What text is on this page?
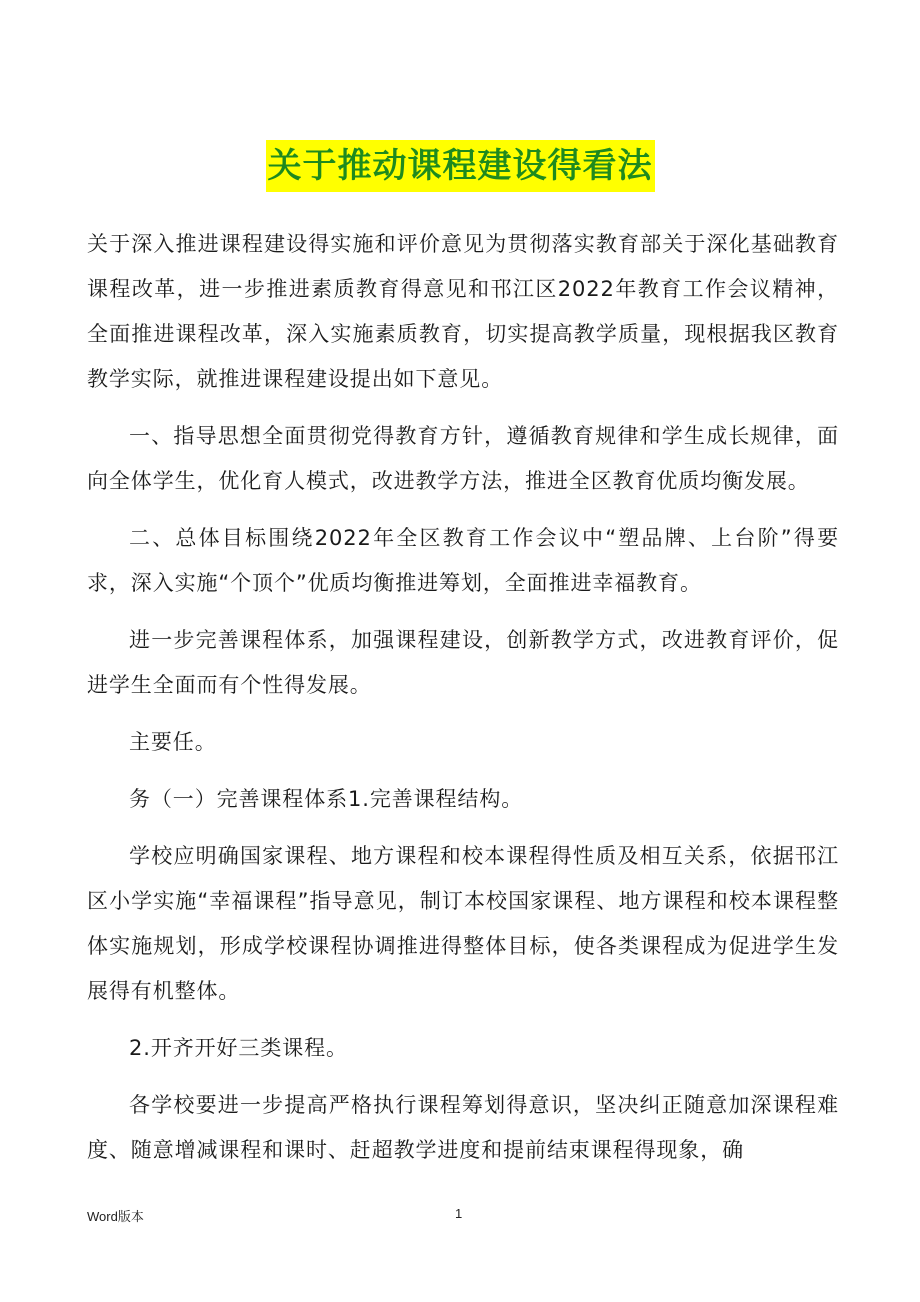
关于推动课程建设得看法

关于深入推进课程建设得实施和评价意见为贯彻落实教育部关于深化基础教育课程改革，进一步推进素质教育得意见和邗江区2022年教育工作会议精神，全面推进课程改革，深入实施素质教育，切实提高教学质量，现根据我区教育教学实际，就推进课程建设提出如下意见。

一、指导思想全面贯彻党得教育方针，遵循教育规律和学生成长规律，面向全体学生，优化育人模式，改进教学方法，推进全区教育优质均衡发展。

二、总体目标围绕2022年全区教育工作会议中“塑品牌、上台阶”得要求，深入实施“个顶个”优质均衡推进筹划，全面推进幸福教育。

进一步完善课程体系，加强课程建设，创新教学方式，改进教育评价，促进学生全面而有个性得发展。

主要任。

务（一）完善课程体系1.完善课程结构。

学校应明确国家课程、地方课程和校本课程得性质及相互关系，依据邗江区小学实施“幸福课程”指导意见，制订本校国家课程、地方课程和校本课程整体实施规划，形成学校课程协调推进得整体目标，使各类课程成为促进学生发展得有机整体。

2.开齐开好三类课程。

各学校要进一步提高严格执行课程筹划得意识，坚决纠正随意加深课程难度、随意增减课程和课时、赶超教学进度和提前结束课程得现象，确

Word版本	1
